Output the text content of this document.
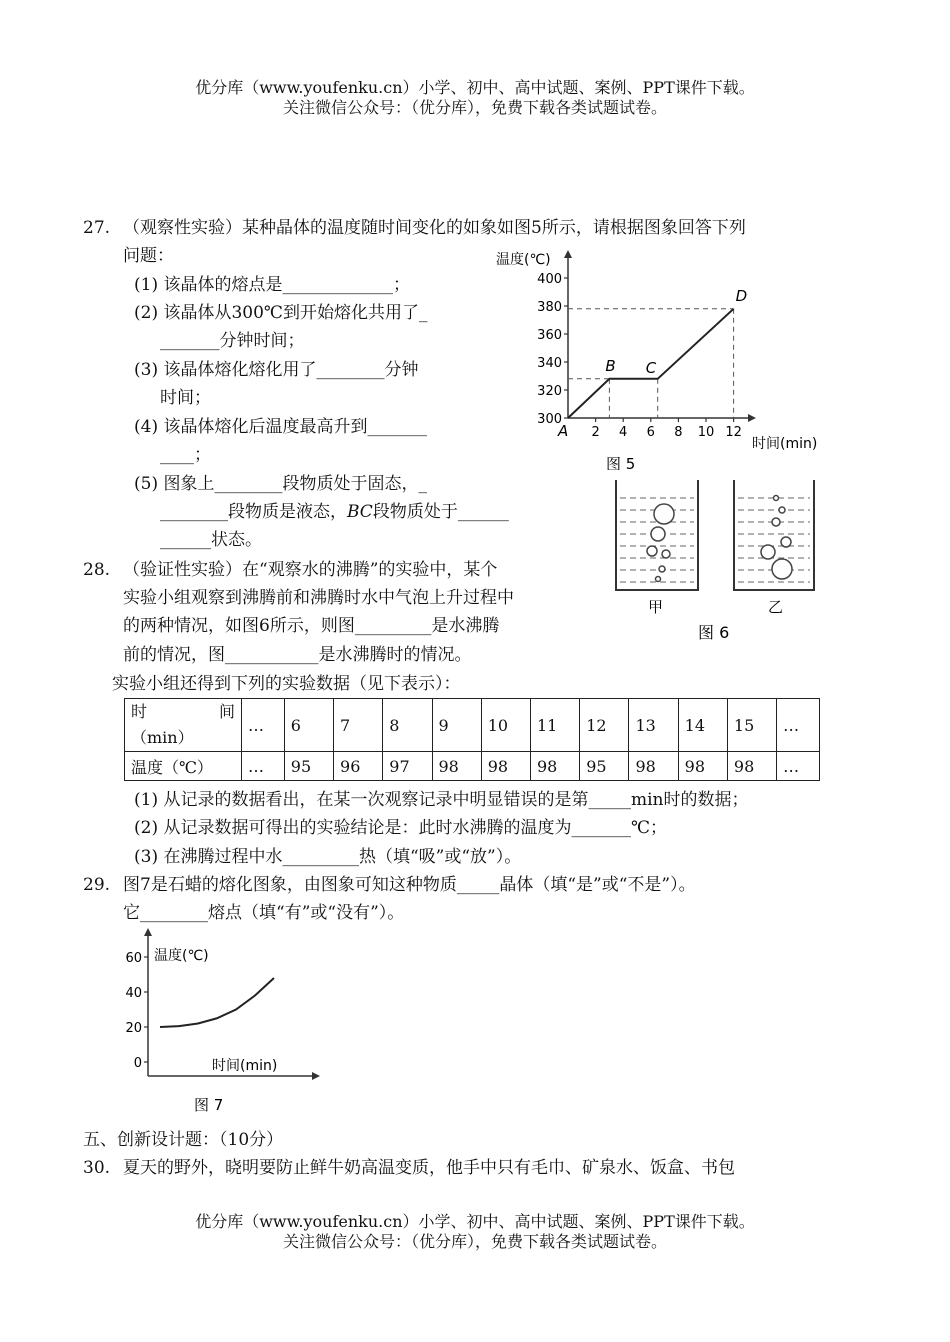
优分库（www.youfenku.cn）小学、初中、高中试题、案例、PPT课件下载。
关注微信公众号：（优分库），免费下载各类试题试卷。
27. （观察性实验）某种晶体的温度随时间变化的如象如图5所示，请根据图象回答下列
问题：
(1) 该晶体的熔点是_____________；
(2) 该晶体从300℃到开始熔化共用了_
_______分钟时间；
(3) 该晶体熔化熔化用了________分钟
时间；
(4) 该晶体熔化后温度最高升到_______
____；
(5) 图象上________段物质处于固态，_
________段物质是液态，BC段物质处于______
______状态。
温度(℃)
时间(min)
图 5
300
320
340
360
380
400
2 4 6 8 10 12
A
B C
D
甲	乙
图 6
28. （验证性实验）在“观察水的沸腾”的实验中，某个
实验小组观察到沸腾前和沸腾时水中气泡上升过程中
的两种情况，如图6所示，则图_________是水沸腾
前的情况，图___________是水沸腾时的情况。
实验小组还得到下列的实验数据（见下表示）：
时 间
（min）	…	6	7	8	9	10	11	12	13	14	15	…
温度（℃）	…	95	96	97	98	98	98	95	98	98	98	…
(1) 从记录的数据看出，在某一次观察记录中明显错误的是第_____min时的数据；
(2) 从记录数据可得出的实验结论是：此时水沸腾的温度为_______℃；
(3) 在沸腾过程中水_________热（填“吸”或“放”）。
29. 图7是石蜡的熔化图象，由图象可知这种物质_____晶体（填“是”或“不是”）。
它________熔点（填“有”或“没有”）。
温度(℃)
时间(min)
图 7
0
20
40
60
五、创新设计题：（10分）
30. 夏天的野外，晓明要防止鲜牛奶高温变质，他手中只有毛巾、矿泉水、饭盒、书包
优分库（www.youfenku.cn）小学、初中、高中试题、案例、PPT课件下载。
关注微信公众号：（优分库），免费下载各类试题试卷。
